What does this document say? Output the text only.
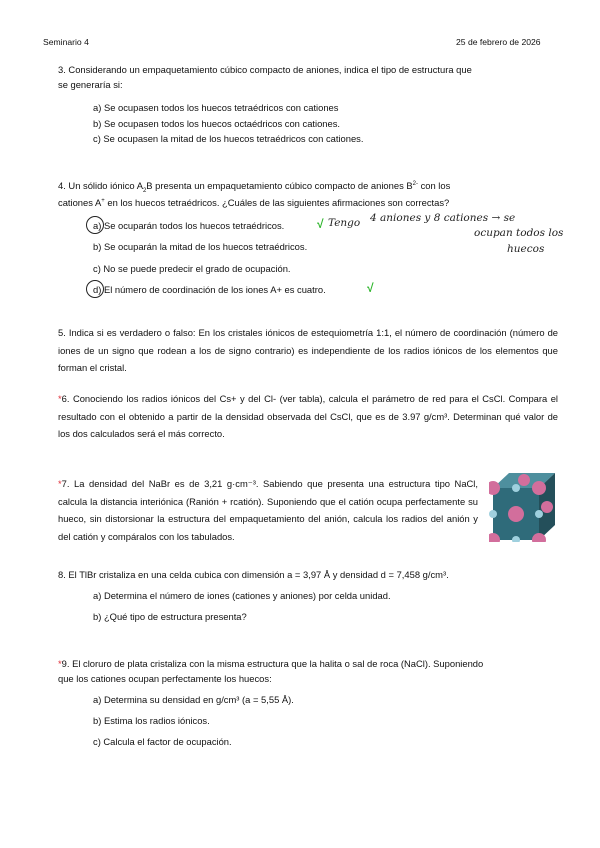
Seminario 4	25 de febrero de 2026
3. Considerando un empaquetamiento cúbico compacto de aniones, indica el tipo de estructura que
se generaría si:
a) Se ocupasen todos los huecos tetraédricos con cationes
b) Se ocupasen todos los huecos octaédricos con cationes.
c) Se ocupasen la mitad de los huecos tetraédricos con cationes.
4. Un sólido iónico $A_2B$ presenta un empaquetamiento cúbico compacto de aniones $B^{2-}$ con los
cationes A+ en los huecos tetraédricos. ¿Cuáles de las siguientes afirmaciones son correctas?
a) Se ocuparán todos los huecos tetraédricos.	√ Tengo 4 aniones y 8 cationes → se
ocupan todos los
huecos
b) Se ocuparán la mitad de los huecos tetraédricos.
c) No se puede predecir el grado de ocupación.
d) El número de coordinación de los iones A+ es cuatro.	√
5. Indica si es verdadero o falso: En los cristales iónicos de estequiometría 1:1, el número de coordinación (número de iones de un signo que rodean a los de signo contrario) es independiente de los radios iónicos de los elementos que forman el cristal.
*6. Conociendo los radios iónicos del Cs+ y del Cl- (ver tabla), calcula el parámetro de red para el CsCl. Compara el resultado con el obtenido a partir de la densidad observada del CsCl, que es de 3.97 g/cm³. Determinan qué valor de los dos calculados será el más correcto.
*7. La densidad del NaBr es de 3,21 g·cm⁻³. Sabiendo que presenta una estructura tipo NaCl, calcula la distancia interiónica (Ranión + rcatión). Suponiendo que el catión ocupa perfectamente su hueco, sin distorsionar la estructura del empaquetamiento del anión, calcula los radios del anión y del catión y compáralos con los tabulados.
8. El TlBr cristaliza en una celda cubica con dimensión a = 3,97 Å y densidad d = 7,458 g/cm³.
a) Determina el número de iones (cationes y aniones) por celda unidad.
b) ¿Qué tipo de estructura presenta?
*9. El cloruro de plata cristaliza con la misma estructura que la halita o sal de roca (NaCl). Suponiendo
que los cationes ocupan perfectamente los huecos:
a) Determina su densidad en g/cm³ (a = 5,55 Å).
b) Estima los radios iónicos.
c) Calcula el factor de ocupación.
